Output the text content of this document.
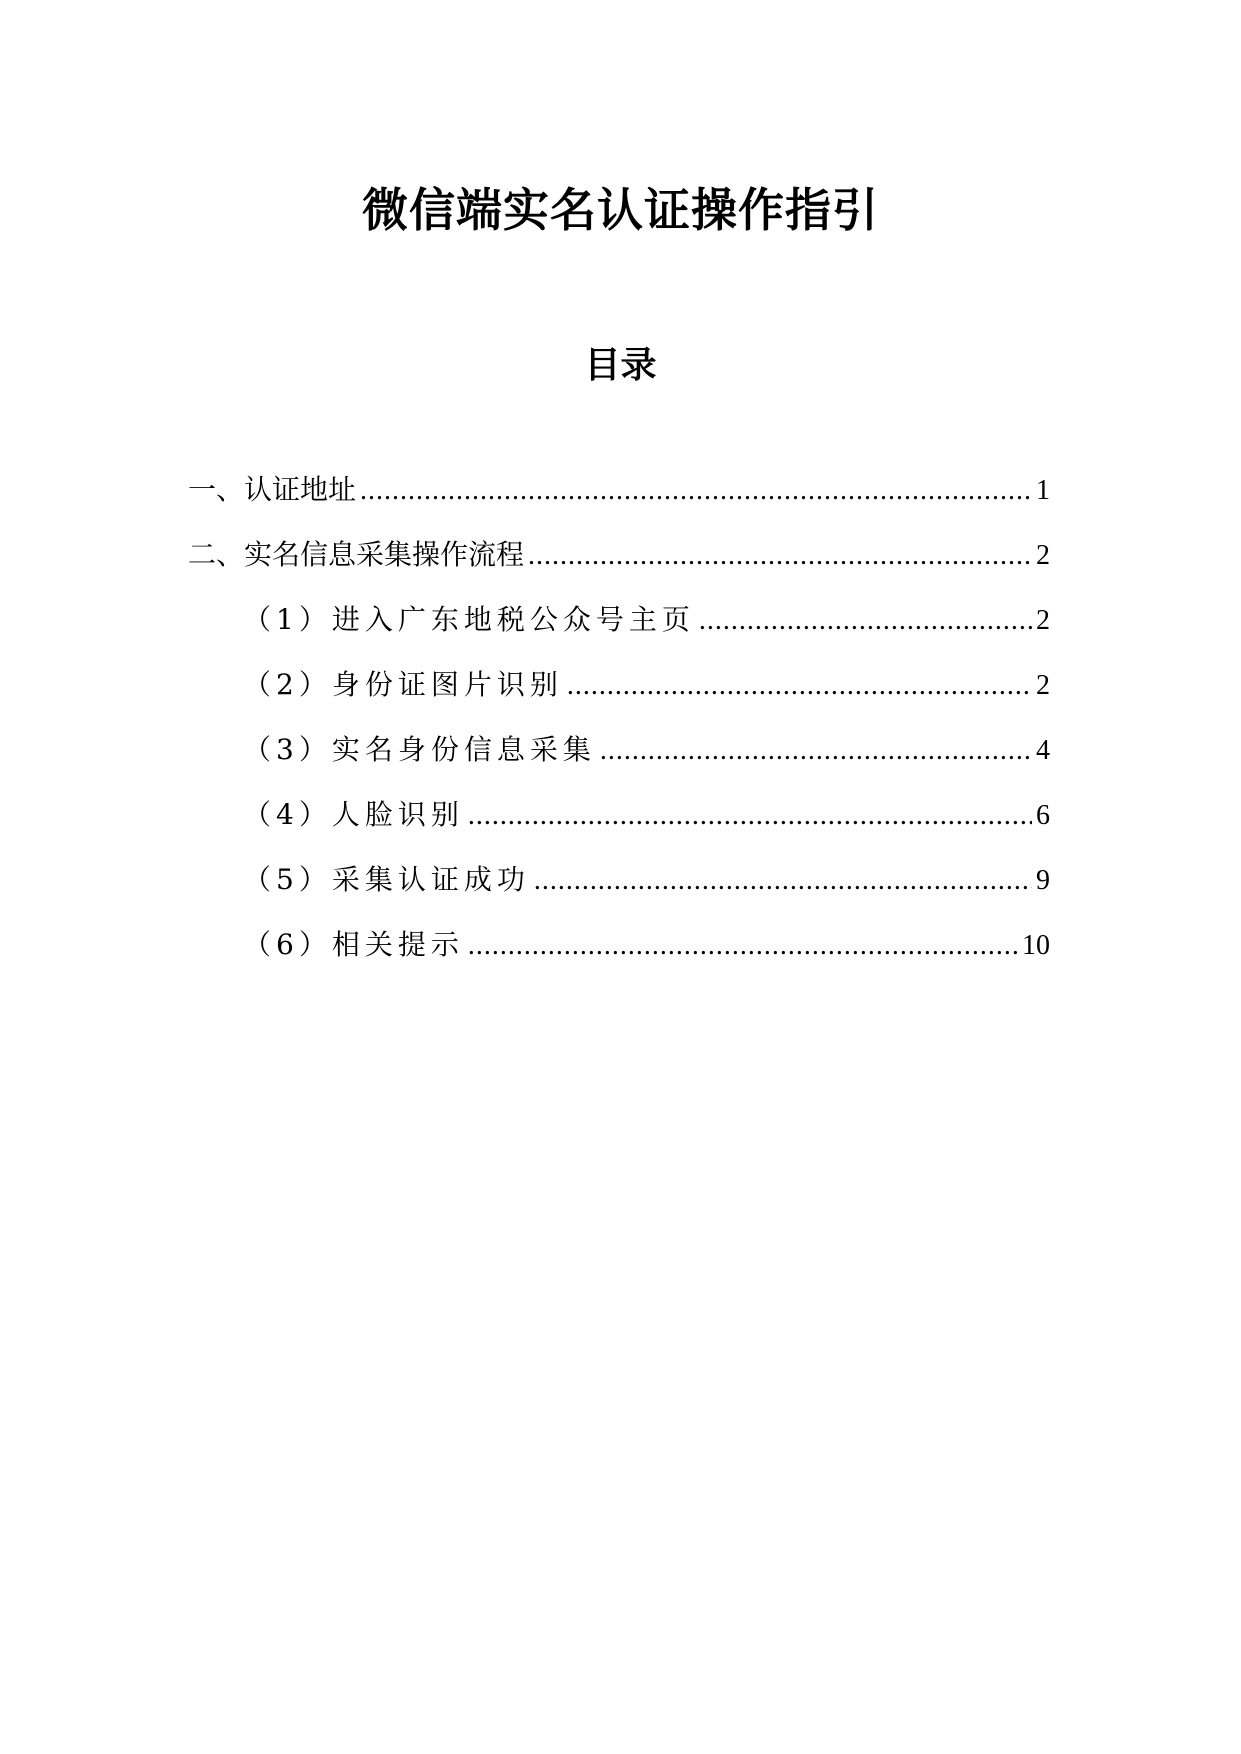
微信端实名认证操作指引
目录
一、认证地址 .....	1
二、实名信息采集操作流程 .....	2
（1）进入广东地税公众号主页 .....	2
（2）身份证图片识别 .....	2
（3）实名身份信息采集 .....	4
（4）人脸识别 .....	6
（5）采集认证成功 .....	9
（6）相关提示 .....	10
